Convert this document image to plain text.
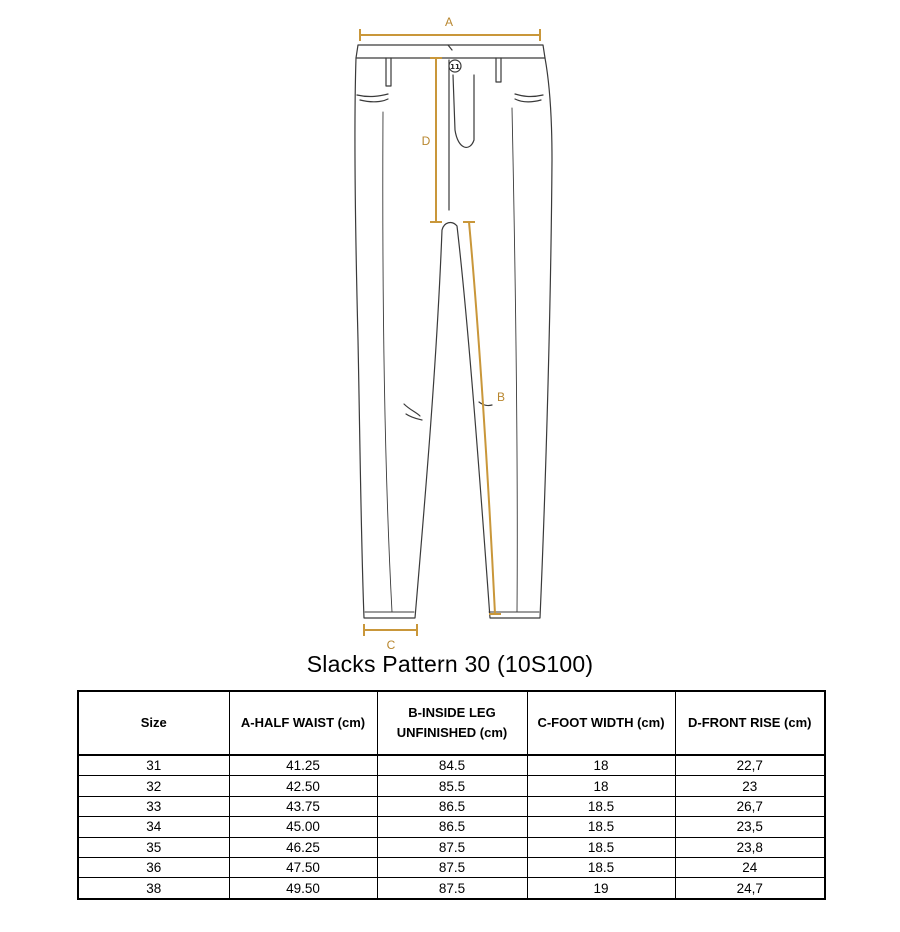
11
A
D
B
C
Slacks Pattern 30 (10S100)
Size	A-HALF WAIST (cm)	B-INSIDE LEG UNFINISHED (cm)	C-FOOT WIDTH (cm)	D-FRONT RISE (cm)
31	41.25	84.5	18	22,7
32	42.50	85.5	18	23
33	43.75	86.5	18.5	26,7
34	45.00	86.5	18.5	23,5
35	46.25	87.5	18.5	23,8
36	47.50	87.5	18.5	24
38	49.50	87.5	19	24,7
